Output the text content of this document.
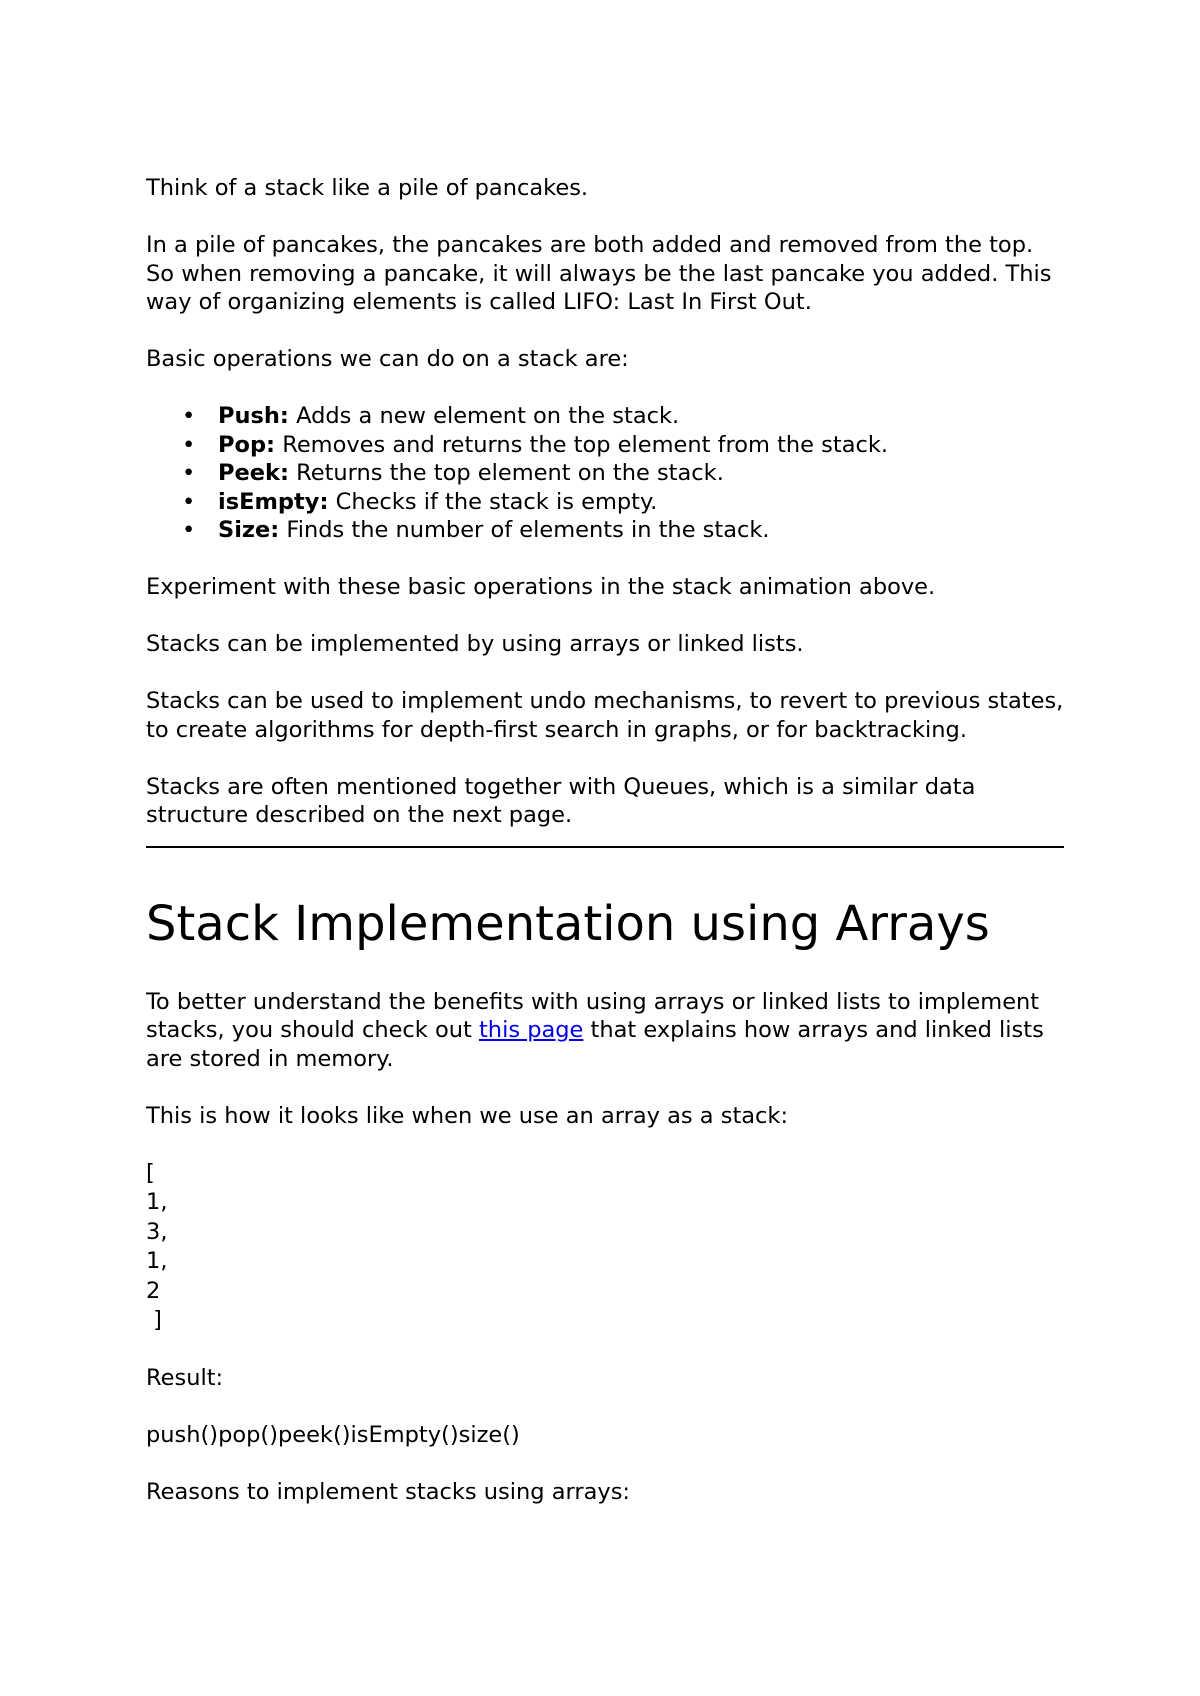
Think of a stack like a pile of pancakes.

In a pile of pancakes, the pancakes are both added and removed from the top. So when removing a pancake, it will always be the last pancake you added. This way of organizing elements is called LIFO: Last In First Out.

Basic operations we can do on a stack are:

• Push: Adds a new element on the stack.
• Pop: Removes and returns the top element from the stack.
• Peek: Returns the top element on the stack.
• isEmpty: Checks if the stack is empty.
• Size: Finds the number of elements in the stack.

Experiment with these basic operations in the stack animation above.

Stacks can be implemented by using arrays or linked lists.

Stacks can be used to implement undo mechanisms, to revert to previous states, to create algorithms for depth-first search in graphs, or for backtracking.

Stacks are often mentioned together with Queues, which is a similar data structure described on the next page.

Stack Implementation using Arrays

To better understand the benefits with using arrays or linked lists to implement stacks, you should check out this page that explains how arrays and linked lists are stored in memory.

This is how it looks like when we use an array as a stack:

[

1,

3,

1,

2

]

Result:

push()pop()peek()isEmpty()size()

Reasons to implement stacks using arrays:
